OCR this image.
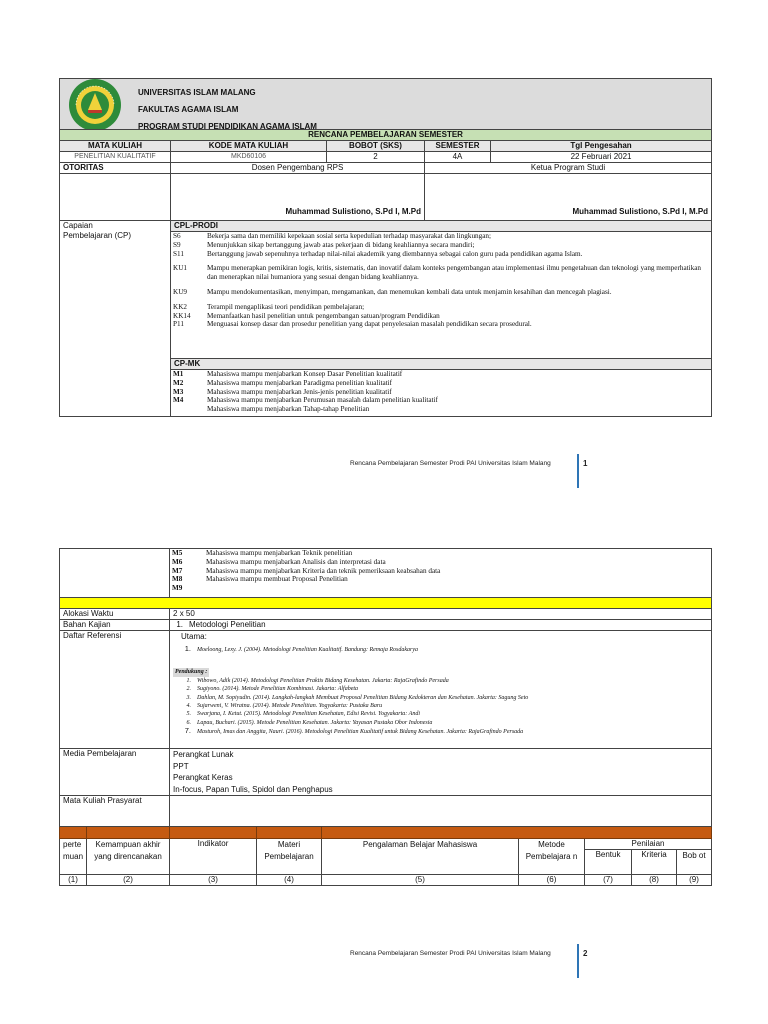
UNIVERSITAS ISLAM MALANG
FAKULTAS AGAMA ISLAM
PROGRAM STUDI PENDIDIKAN AGAMA ISLAM

RENCANA PEMBELAJARAN SEMESTER
MATA KULIAH	KODE MATA KULIAH	BOBOT (SKS)	SEMESTER	Tgl Pengesahan
PENELITIAN KUALITATIF	MKD60106	2	4A	22 Februari 2021
OTORITAS	Dosen Pengembang RPS	Ketua Program Studi
	Muhammad Sulistiono, S.Pd I, M.Pd	Muhammad Sulistiono, S.Pd I, M.Pd

Capaian
Pembelajaran (CP)
	CPL-PRODI

S6	Bekerja sama dan memiliki kepekaan sosial serta kepedulian terhadap masyarakat dan lingkungan;
S9	Menunjukkan sikap bertanggung jawab atas pekerjaan di bidang keahliannya secara mandiri;
S11	Bertanggung jawab sepenuhnya terhadap nilai-nilai akademik yang diembannya sebagai calon guru pada pendidikan agama Islam.

KU1	Mampu menerapkan pemikiran logis, kritis, sistematis, dan inovatif dalam konteks pengembangan atau implementasi ilmu pengetahuan dan teknologi yang memperhatikan dan menerapkan nilai humaniora yang sesuai dengan bidang keahliannya.

KU9	Mampu mendokumentasikan, menyimpan, mengamankan, dan menemukan kembali data untuk menjamin kesahihan dan mencegah plagiasi.

KK2	Terampil mengaplikasi teori pendidikan pembelajaran;
KK14	Memanfaatkan hasil penelitian untuk pengembangan satuan/program Pendidikan
P11	Menguasai konsep dasar dan prosedur penelitian yang dapat penyelesaian masalah pendidikan secara prosedural.

CP-MK

M1	Mahasiswa mampu menjabarkan Konsep Dasar Penelitian kualitatif
M2	Mahasiswa mampu menjabarkan Paradigma penelitian kualitatif
M3	Mahasiswa mampu menjabarkan Jenis-jenis penelitian kualitatif
M4	Mahasiswa mampu menjabarkan Perumusan masalah dalam penelitian kualitatif
	Mahasiswa mampu menjabarkan Tahap-tahap Penelitian
Rencana Pembelajaran Semester Prodi PAI Universitas Islam Malang	1

M5	Mahasiswa mampu menjabarkan Teknik penelitian
M6	Mahasiswa mampu menjabarkan Analisis dan interpretasi data
M7	Mahasiswa mampu menjabarkan Kriteria dan teknik pemeriksaan keabsahan data
M8	Mahasiswa mampu membuat Proposal Penelitian
M9	

Alokasi Waktu	2 x 50
Bahan Kajian	1. Metodologi Penelitian
Daftar Referensi	Utama:
1. Moeloong, Lexy. J. (2004). Metodologi Penelitian Kualitatif. Bandung: Remaja Rosdakarya
Pendukung :
1. Wibowo, Adik (2014). Metodologi Penelitian Praktis Bidang Kesehatan. Jakarta: RajaGrafindo Persada
2. Sugiyono. (2014). Metode Penelitian Kombinasi. Jakarta: Alfabeta
3. Dahlan, M. Sopiyudin. (2014). Langkah-langkah Membuat Proposal Penelitian Bidang Kedokteran dan Kesehatan. Jakarta: Sagung Seto
4. Sujarweni, V. Wiratna. (2014). Metode Penelitian. Yogyakarta: Pustaka Baru
5. Swarjana, I. Ketut. (2015). Metodologi Penelitian Kesehatan, Edisi Revisi. Yogyakarta: Andi
6. Lapau, Buchari. (2015). Metode Penelitian Kesehatan. Jakarta: Yayasan Pustaka Obor Indonesia
7. Masturoh, Imas dan Anggita, Nauri. (2016). Metodologi Penelitian Kualitatif untuk Bidang Kesehatan. Jakarta: RajaGrafindo Persada

Media Pembelajaran	Perangkat Lunak
PPT
Perangkat Keras
In-focus, Papan Tulis, Spidol dan Penghapus

Mata Kuliah Prasyarat	

perte muan	Kemampuan akhir yang direncanakan	Indikator	Materi Pembelajaran	Pengalaman Belajar Mahasiswa	Metode Pembelajara n	Penilaian
Bentuk	Kriteria	Bob ot
(1)	(2)	(3)	(4)	(5)	(6)	(7)	(8)	(9)
Rencana Pembelajaran Semester Prodi PAI Universitas Islam Malang	2
